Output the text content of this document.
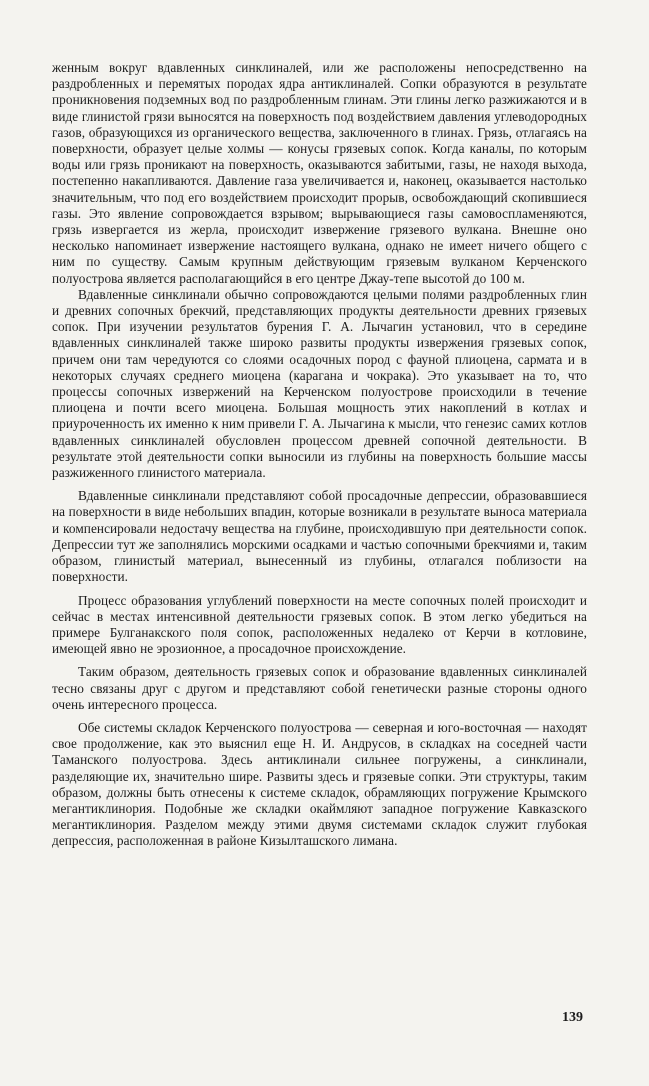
женным вокруг вдавленных синклиналей, или же расположены непосредственно на раздробленных и перемятых породах ядра антиклиналей. Сопки образуются в результате проникновения подземных вод по раздробленным глинам. Эти глины легко разжижаются и в виде глинистой грязи выносятся на поверхность под воздействием давления углеводородных газов, образующихся из органического вещества, заключенного в глинах. Грязь, отлагаясь на поверхности, образует целые холмы — конусы грязевых сопок. Когда каналы, по которым воды или грязь проникают на поверхность, оказываются забитыми, газы, не находя выхода, постепенно накапливаются. Давление газа увеличивается и, наконец, оказывается настолько значительным, что под его воздействием происходит прорыв, освобождающий скопившиеся газы. Это явление сопровождается взрывом; вырывающиеся газы самовоспламеняются, грязь извергается из жерла, происходит извержение грязевого вулкана. Внешне оно несколько напоминает извержение настоящего вулкана, однако не имеет ничего общего с ним по существу. Самым крупным действующим грязевым вулканом Керченского полуострова является располагающийся в его центре Джау-тепе высотой до 100 м.

Вдавленные синклинали обычно сопровождаются целыми полями раздробленных глин и древних сопочных брекчий, представляющих продукты деятельности древних грязевых сопок. При изучении результатов бурения Г. А. Лычагин установил, что в середине вдавленных синклиналей также широко развиты продукты извержения грязевых сопок, причем они там чередуются со слоями осадочных пород с фауной плиоцена, сармата и в некоторых случаях среднего миоцена (карагана и чокрака). Это указывает на то, что процессы сопочных извержений на Керченском полуострове происходили в течение плиоцена и почти всего миоцена. Большая мощность этих накоплений в котлах и приуроченность их именно к ним привели Г. А. Лычагина к мысли, что генезис самих котлов вдавленных синклиналей обусловлен процессом древней сопочной деятельности. В результате этой деятельности сопки выносили из глубины на поверхность большие массы разжиженного глинистого материала.

Вдавленные синклинали представляют собой просадочные депрессии, образовавшиеся на поверхности в виде небольших впадин, которые возникали в результате выноса материала и компенсировали недостачу вещества на глубине, происходившую при деятельности сопок. Депрессии тут же заполнялись морскими осадками и частью сопочными брекчиями и, таким образом, глинистый материал, вынесенный из глубины, отлагался поблизости на поверхности.

Процесс образования углублений поверхности на месте сопочных полей происходит и сейчас в местах интенсивной деятельности грязевых сопок. В этом легко убедиться на примере Булганакского поля сопок, расположенных недалеко от Керчи в котловине, имеющей явно не эрозионное, а просадочное происхождение.

Таким образом, деятельность грязевых сопок и образование вдавленных синклиналей тесно связаны друг с другом и представляют собой генетически разные стороны одного очень интересного процесса.

Обе системы складок Керченского полуострова — северная и юго-восточная — находят свое продолжение, как это выяснил еще Н. И. Андрусов, в складках на соседней части Таманского полуострова. Здесь антиклинали сильнее погружены, а синклинали, разделяющие их, значительно шире. Развиты здесь и грязевые сопки. Эти структуры, таким образом, должны быть отнесены к системе складок, обрамляющих погружение Крымского мегантиклинория. Подобные же складки окаймляют западное погружение Кавказского мегантиклинория. Разделом между этими двумя системами складок служит глубокая депрессия, расположенная в районе Кизылташского лимана.

139
